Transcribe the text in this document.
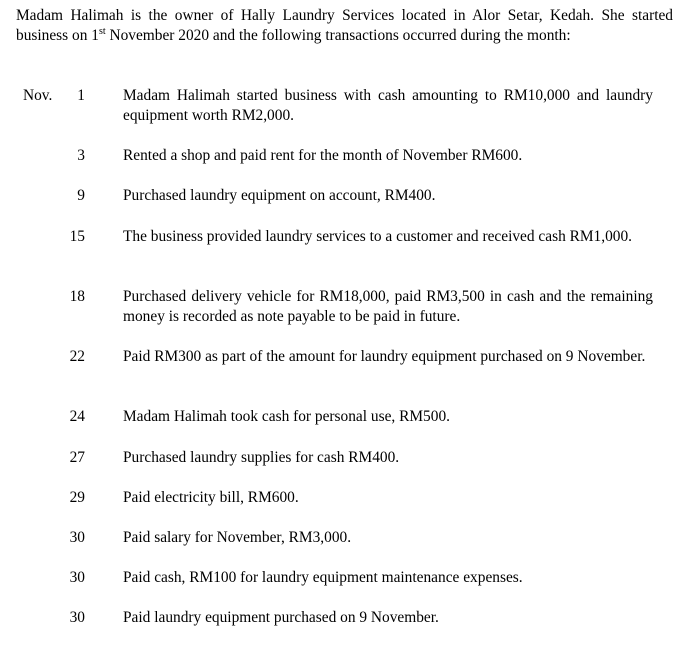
Madam Halimah is the owner of Hally Laundry Services located in Alor Setar, Kedah. She started business on 1st November 2020 and the following transactions occurred during the month:
Nov.	1 Madam Halimah started business with cash amounting to RM10,000 and laundry equipment worth RM2,000.
3 Rented a shop and paid rent for the month of November RM600.
9 Purchased laundry equipment on account, RM400.
15 The business provided laundry services to a customer and received cash RM1,000.
18 Purchased delivery vehicle for RM18,000, paid RM3,500 in cash and the remaining money is recorded as note payable to be paid in future.
22 Paid RM300 as part of the amount for laundry equipment purchased on 9 November.
24 Madam Halimah took cash for personal use, RM500.
27 Purchased laundry supplies for cash RM400.
29 Paid electricity bill, RM600.
30 Paid salary for November, RM3,000.
30 Paid cash, RM100 for laundry equipment maintenance expenses.
30 Paid laundry equipment purchased on 9 November.
